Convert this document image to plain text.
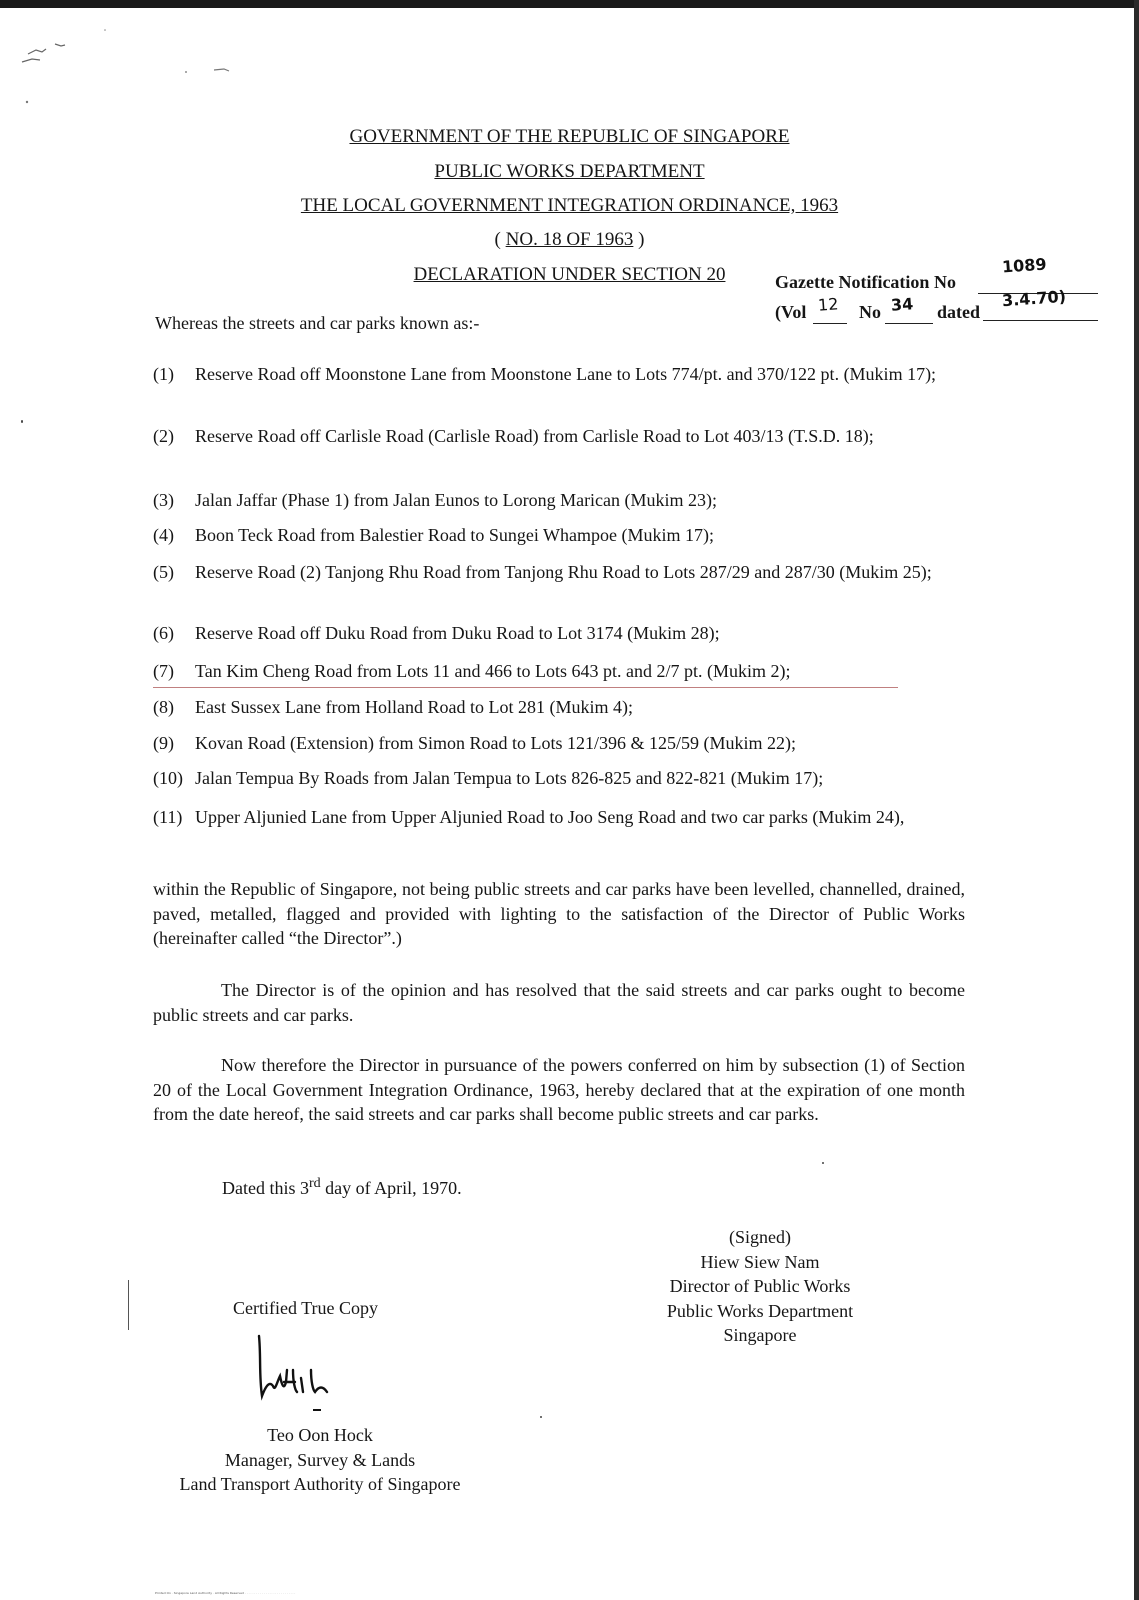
GOVERNMENT OF THE REPUBLIC OF SINGAPORE
PUBLIC WORKS DEPARTMENT
THE LOCAL GOVERNMENT INTEGRATION ORDINANCE, 1963
( NO. 18 OF 1963 )
DECLARATION UNDER SECTION 20	Gazette Notification No
1089
(Vol 12 No 34 dated
3.4.70)
Whereas the streets and car parks known as:-
(1) Reserve Road off Moonstone Lane from Moonstone Lane to Lots 774/pt. and 370/122 pt. (Mukim 17);
(2) Reserve Road off Carlisle Road (Carlisle Road) from Carlisle Road to Lot 403/13 (T.S.D. 18);
(3) Jalan Jaffar (Phase 1) from Jalan Eunos to Lorong Marican (Mukim 23);
(4) Boon Teck Road from Balestier Road to Sungei Whampoe (Mukim 17);
(5) Reserve Road (2) Tanjong Rhu Road from Tanjong Rhu Road to Lots 287/29 and 287/30 (Mukim 25);
(6) Reserve Road off Duku Road from Duku Road to Lot 3174 (Mukim 28);
(7) Tan Kim Cheng Road from Lots 11 and 466 to Lots 643 pt. and 2/7 pt. (Mukim 2);
(8) East Sussex Lane from Holland Road to Lot 281 (Mukim 4);
(9) Kovan Road (Extension) from Simon Road to Lots 121/396 & 125/59 (Mukim 22);
(10) Jalan Tempua By Roads from Jalan Tempua to Lots 826-825 and 822-821 (Mukim 17);
(11) Upper Aljunied Lane from Upper Aljunied Road to Joo Seng Road and two car parks (Mukim 24),
within the Republic of Singapore, not being public streets and car parks have been levelled, channelled, drained, paved, metalled, flagged and provided with lighting to the satisfaction of the Director of Public Works (hereinafter called “the Director”.)
The Director is of the opinion and has resolved that the said streets and car parks ought to become public streets and car parks.
Now therefore the Director in pursuance of the powers conferred on him by subsection (1) of Section 20 of the Local Government Integration Ordinance, 1963, hereby declared that at the expiration of one month from the date hereof, the said streets and car parks shall become public streets and car parks.
Dated this 3rd day of April, 1970.
(Signed)
Hiew Siew Nam
Director of Public Works
Public Works Department
Singapore
Certified True Copy
Teo Oon Hock
Manager, Survey & Lands
Land Transport Authority of Singapore
Printed On · Singapore Land Authority · All Rights Reserved · · · · · · · · · · · · · · · · · · · · · · · · · · ·
